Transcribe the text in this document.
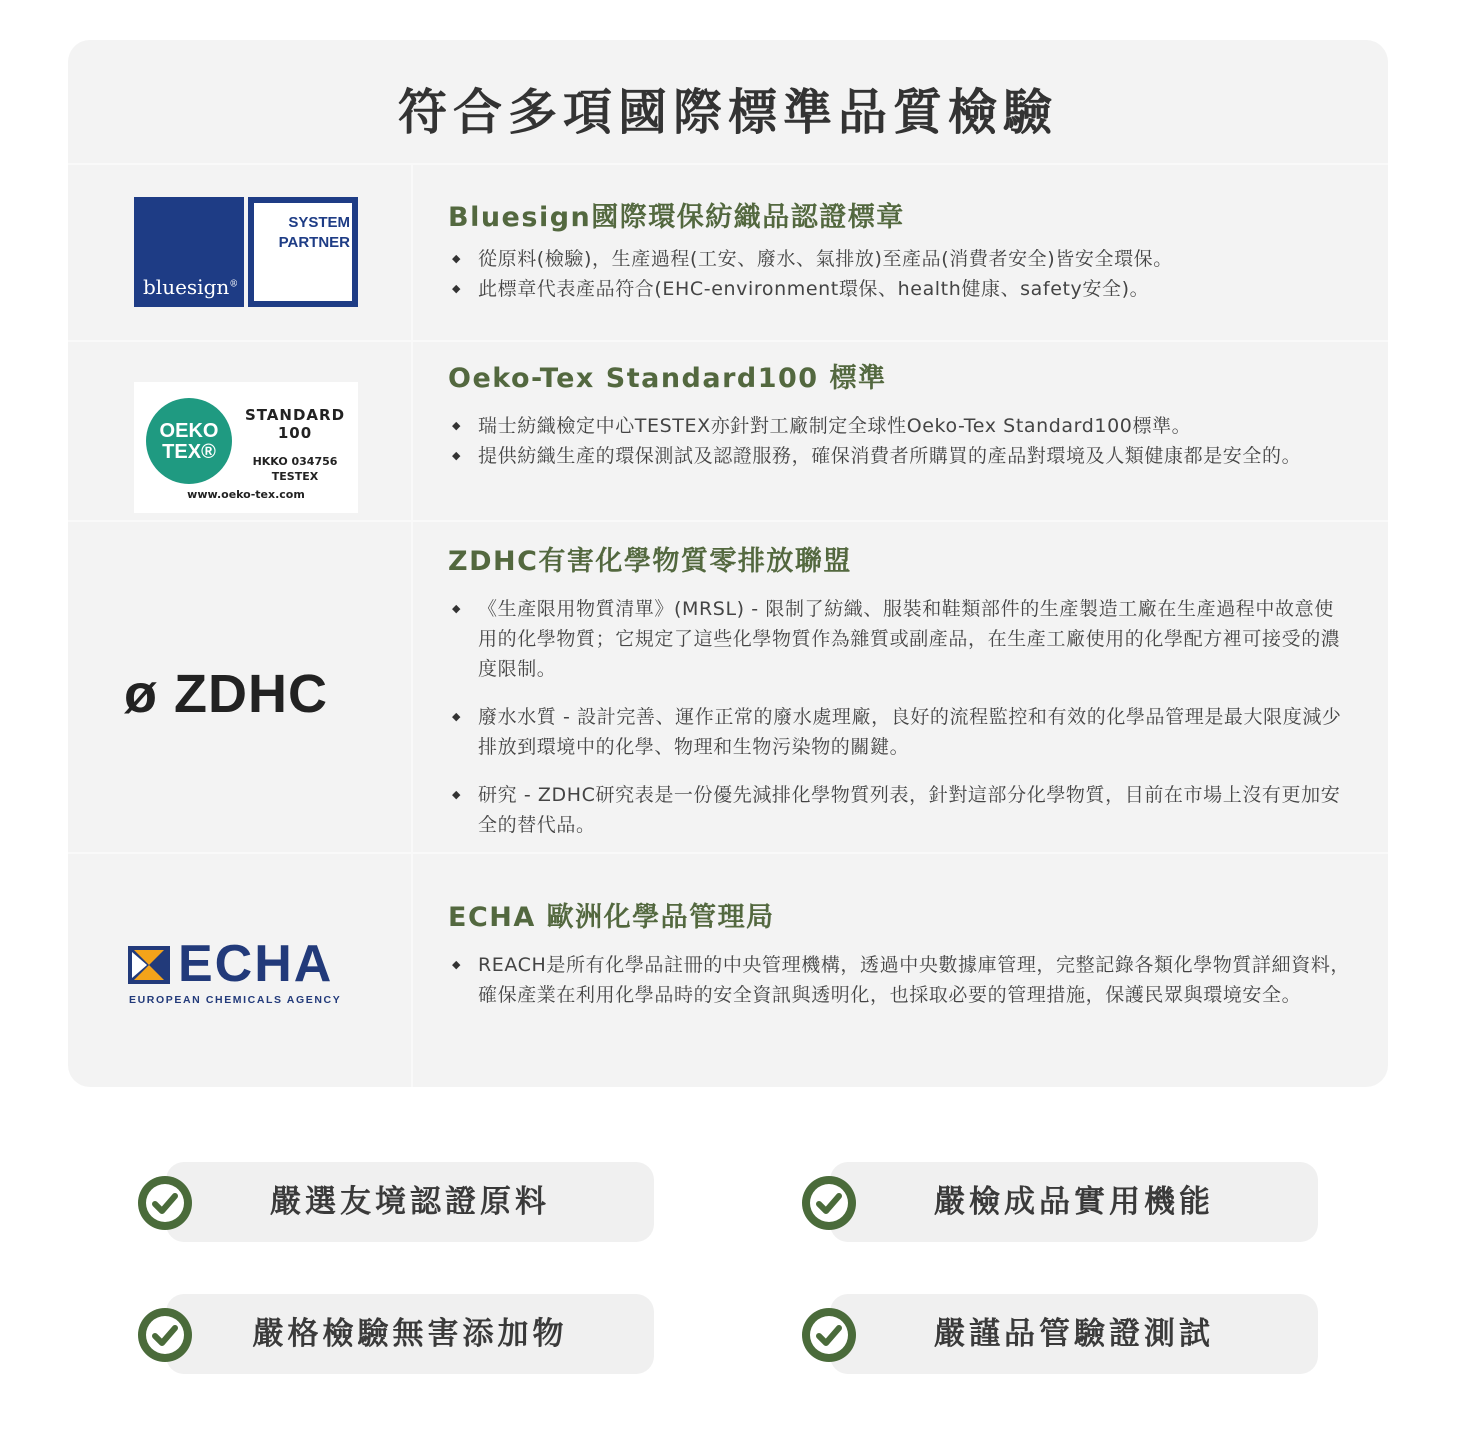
符合多項國際標準品質檢驗
bluesign®
SYSTEM
PARTNER
OEKO
TEX®
STANDARD
100
HKKO 034756
TESTEX
www.oeko-tex.com
ø ZDHC
ECHA
EUROPEAN CHEMICALS AGENCY
Bluesign國際環保紡織品認證標章
◆ 從原料(檢驗)，生產過程(工安、廢水、氣排放)至產品(消費者安全)皆安全環保。
◆ 此標章代表產品符合(EHC-environment環保、health健康、safety安全)。
Oeko-Tex Standard100 標準
◆ 瑞士紡織檢定中心TESTEX亦針對工廠制定全球性Oeko-Tex Standard100標準。
◆ 提供紡織生產的環保測試及認證服務，確保消費者所購買的產品對環境及人類健康都是安全的。
ZDHC有害化學物質零排放聯盟
◆ 《生產限用物質清單》(MRSL) - 限制了紡織、服裝和鞋類部件的生產製造工廠在生產過程中故意使用的化學物質；它規定了這些化學物質作為雜質或副產品，在生產工廠使用的化學配方裡可接受的濃度限制。
◆ 廢水水質 - 設計完善、運作正常的廢水處理廠，良好的流程監控和有效的化學品管理是最大限度減少排放到環境中的化學、物理和生物污染物的關鍵。
◆ 研究 - ZDHC研究表是一份優先減排化學物質列表，針對這部分化學物質，目前在市場上沒有更加安全的替代品。
ECHA 歐洲化學品管理局
◆ REACH是所有化學品註冊的中央管理機構，透過中央數據庫管理，完整記錄各類化學物質詳細資料，確保產業在利用化學品時的安全資訊與透明化，也採取必要的管理措施，保護民眾與環境安全。
嚴選友境認證原料	嚴檢成品實用機能
嚴格檢驗無害添加物	嚴謹品管驗證測試
